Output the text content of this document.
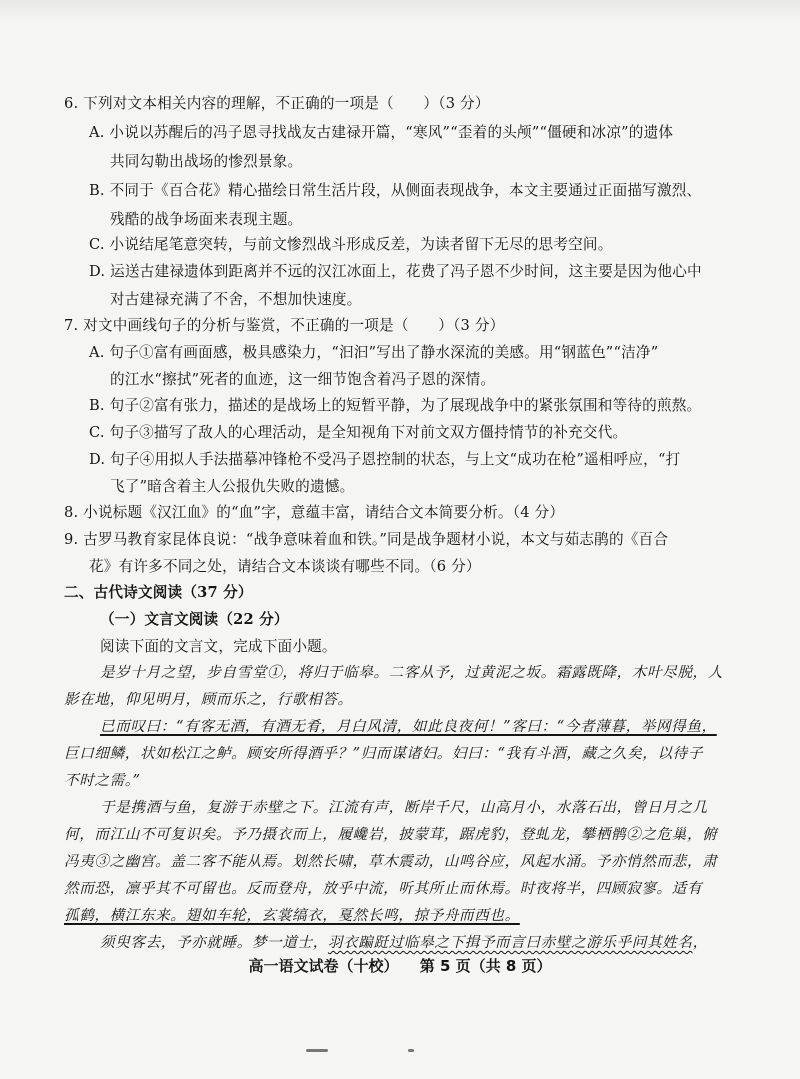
6. 下列对文本相关内容的理解，不正确的一项是（　　）（3 分）
A. 小说以苏醒后的冯子恩寻找战友古建禄开篇，“寒风”“歪着的头颅”“僵硬和冰凉”的遗体
共同勾勒出战场的惨烈景象。
B. 不同于《百合花》精心描绘日常生活片段，从侧面表现战争，本文主要通过正面描写激烈、
残酷的战争场面来表现主题。
C. 小说结尾笔意突转，与前文惨烈战斗形成反差，为读者留下无尽的思考空间。
D. 运送古建禄遗体到距离并不远的汉江冰面上，花费了冯子恩不少时间，这主要是因为他心中
对古建禄充满了不舍，不想加快速度。
7. 对文中画线句子的分析与鉴赏，不正确的一项是（　　）（3 分）
A. 句子①富有画面感，极具感染力，“汩汩”写出了静水深流的美感。用“钢蓝色”“洁净”
的江水“擦拭”死者的血迹，这一细节饱含着冯子恩的深情。
B. 句子②富有张力，描述的是战场上的短暂平静，为了展现战争中的紧张氛围和等待的煎熬。
C. 句子③描写了敌人的心理活动，是全知视角下对前文双方僵持情节的补充交代。
D. 句子④用拟人手法描摹冲锋枪不受冯子恩控制的状态，与上文“成功在枪”遥相呼应，“打
飞了”暗含着主人公报仇失败的遗憾。
8. 小说标题《汉江血》的“血”字，意蕴丰富，请结合文本简要分析。（4 分）
9. 古罗马教育家昆体良说：“战争意味着血和铁。”同是战争题材小说，本文与茹志鹃的《百合
花》有许多不同之处，请结合文本谈谈有哪些不同。（6 分）
二、古代诗文阅读（37 分）
（一）文言文阅读（22 分）
阅读下面的文言文，完成下面小题。
是岁十月之望，步自雪堂①，将归于临皋。二客从予，过黄泥之坂。霜露既降，木叶尽脱，人
影在地，仰见明月，顾而乐之，行歌相答。
已而叹曰：“有客无酒，有酒无肴，月白风清，如此良夜何！”客曰：“今者薄暮，举网得鱼，
巨口细鳞，状如松江之鲈。顾安所得酒乎？”归而谋诸妇。妇曰：“我有斗酒，藏之久矣，以待子
不时之需。”
于是携酒与鱼，复游于赤壁之下。江流有声，断岸千尺，山高月小，水落石出，曾日月之几
何，而江山不可复识矣。予乃摄衣而上，履巉岩，披蒙茸，踞虎豹，登虬龙，攀栖鹘②之危巢，俯
冯夷③之幽宫。盖二客不能从焉。划然长啸，草木震动，山鸣谷应，风起水涌。予亦悄然而悲，肃
然而恐，凛乎其不可留也。反而登舟，放乎中流，听其所止而休焉。时夜将半，四顾寂寥。适有
孤鹤，横江东来。翅如车轮，玄裳缟衣，戛然长鸣，掠予舟而西也。
须臾客去，予亦就睡。梦一道士，羽衣蹁跹过临皋之下揖予而言曰赤壁之游乐乎问其姓名，
高一语文试卷（十校） 第 5 页（共 8 页）
